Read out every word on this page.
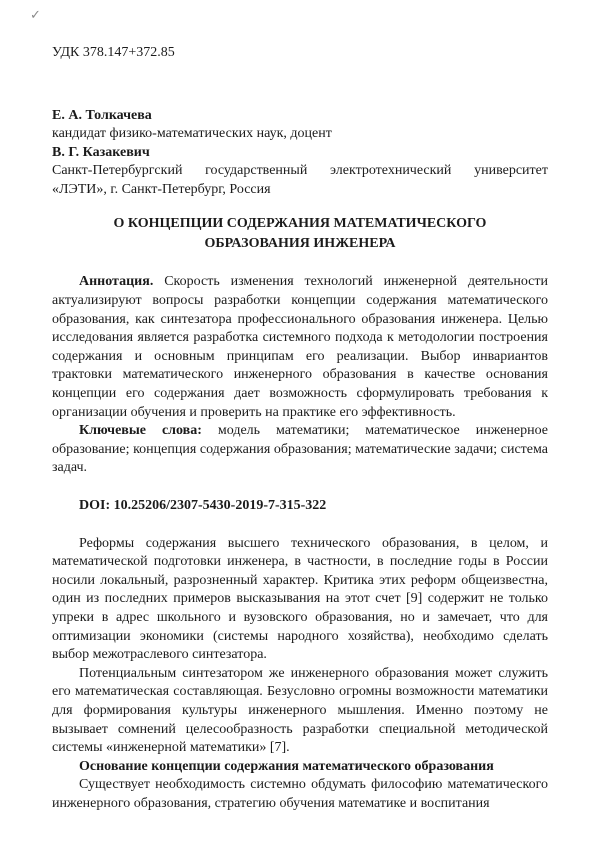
✓
УДК 378.147+372.85
Е. А. Толкачева
кандидат физико-математических наук, доцент
В. Г. Казакевич
Санкт-Петербургский государственный электротехнический университет «ЛЭТИ», г. Санкт-Петербург, Россия
О КОНЦЕПЦИИ СОДЕРЖАНИЯ МАТЕМАТИЧЕСКОГО ОБРАЗОВАНИЯ ИНЖЕНЕРА

Аннотация. Скорость изменения технологий инженерной деятельности актуализируют вопросы разработки концепции содержания математического образования, как синтезатора профессионального образования инженера. Целью исследования является разработка системного подхода к методологии построения содержания и основным принципам его реализации. Выбор инвариантов трактовки математического инженерного образования в качестве основания концепции его содержания дает возможность сформулировать требования к организации обучения и проверить на практике его эффективность.

Ключевые слова: модель математики; математическое инженерное образование; концепция содержания образования; математические задачи; система задач.

DOI: 10.25206/2307-5430-2019-7-315-322

Реформы содержания высшего технического образования, в целом, и математической подготовки инженера, в частности, в последние годы в России носили локальный, разрозненный характер. Критика этих реформ общеизвестна, один из последних примеров высказывания на этот счет [9] содержит не только упреки в адрес школьного и вузовского образования, но и замечает, что для оптимизации экономики (системы народного хозяйства), необходимо сделать выбор межотраслевого синтезатора.

Потенциальным синтезатором же инженерного образования может служить его математическая составляющая. Безусловно огромны возможности математики для формирования культуры инженерного мышления. Именно поэтому не вызывает сомнений целесообразность разработки специальной методической системы «инженерной математики» [7].

Основание концепции содержания математического образования

Существует необходимость системно обдумать философию математического инженерного образования, стратегию обучения математике и воспитания
